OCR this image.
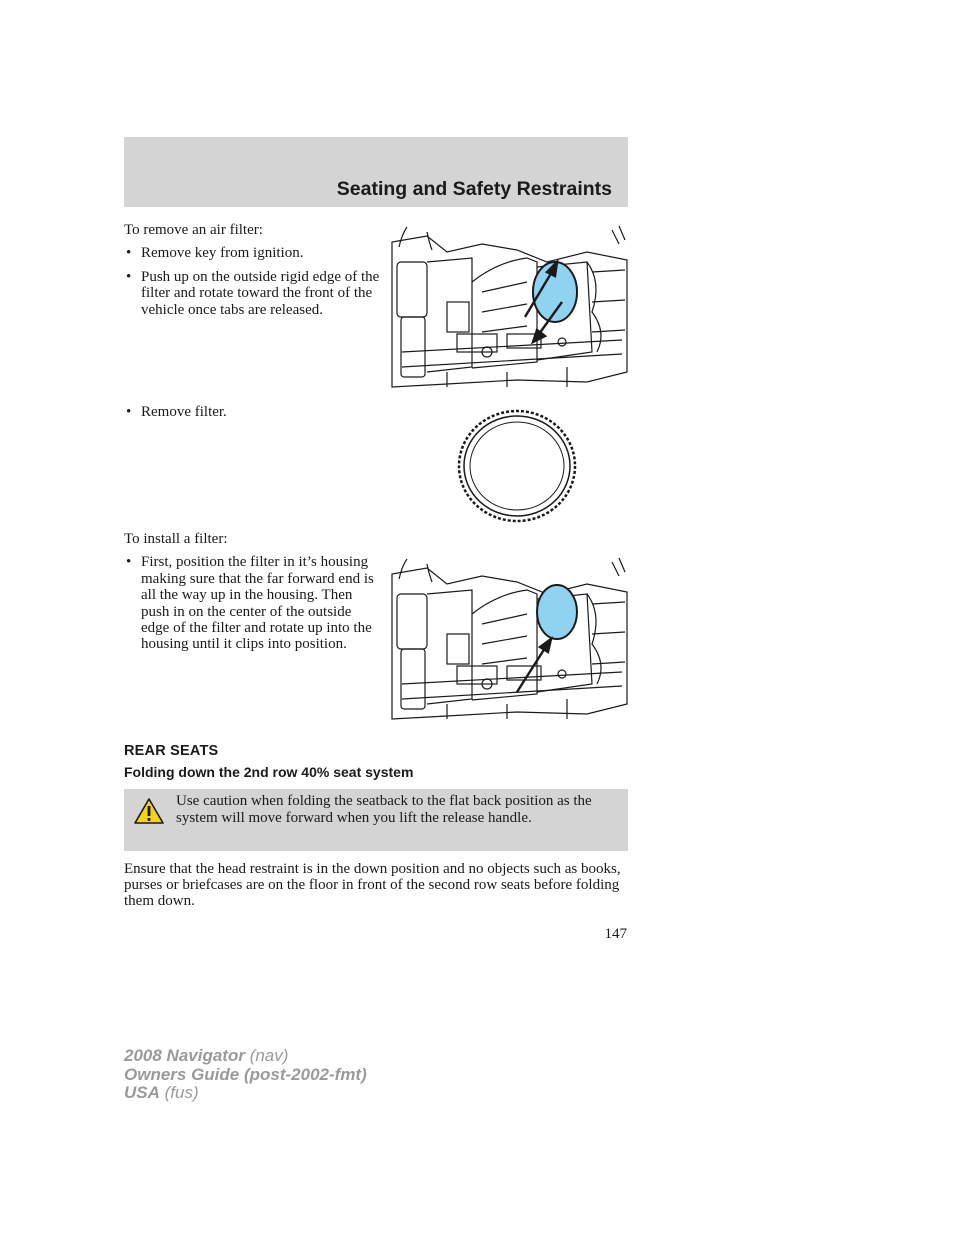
Seating and Safety Restraints

To remove an air filter:

• Remove key from ignition.
• Push up on the outside rigid edge of the filter and rotate toward the front of the vehicle once tabs are released.
• Remove filter.

To install a filter:

• First, position the filter in it’s housing making sure that the far forward end is all the way up in the housing. Then push in on the center of the outside edge of the filter and rotate up into the housing until it clips into position.
REAR SEATS
Folding down the 2nd row 40% seat system
Use caution when folding the seatback to the flat back position as the system will move forward when you lift the release handle.

Ensure that the head restraint is in the down position and no objects such as books, purses or briefcases are on the floor in front of the second row seats before folding them down.

147

2008 Navigator (nav)
Owners Guide (post-2002-fmt)
USA (fus)
